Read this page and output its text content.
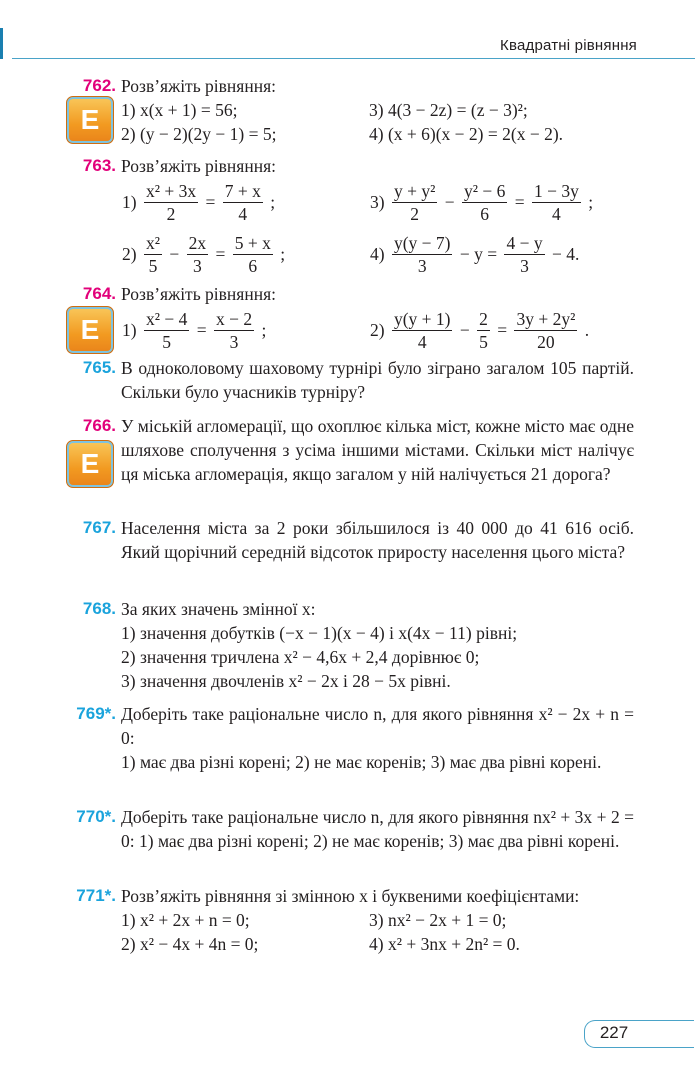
Квадратні рівняння
762.
E
Розв’яжіть рівняння:
1) x(x + 1) = 56;	3) 4(3 − 2z) = (z − 3)²;
2) (y − 2)(2y − 1) = 5;	4) (x + 6)(x − 2) = 2(x − 2).
763. Розв’яжіть рівняння:
$1) \frac{\text{x² + 3x}}{2} = \frac{7 + x}{4}$ ;	$3) \frac{\text{y + y²}}{2} - \frac{\text{y² − 6}}{6} = \frac{1 - 3y}{4}$ ;
$2) \frac{\text{x²}}{5} - \frac{2x}{3} = \frac{5 + x}{6}$ ;	$4) \frac{y(y - 7)}{3} - y = \frac{4 - y}{3} - 4$.
764.
E
Розв’яжіть рівняння:
$1) \frac{\text{x² − 4}}{5} = \frac{x - 2}{3}$ ;	$2) \frac{y(y + 1)}{4} - \frac{2}{5} = \frac{\text{3y + 2y²}}{20}$ .
765. В одноколовому шаховому турнірі було зіграно загалом 105 партій. Скільки було учасників турніру?
766.
E
У міській агломерації, що охоплює кілька міст, кожне місто має одне шляхове сполучення з усіма іншими містами. Скільки міст налічує ця міська агломерація, якщо загалом у ній налічується 21 дорога?
767. Населення міста за 2 роки збільшилося із 40 000 до 41 616 осіб. Який щорічний середній відсоток приросту населення цього міста?
768. За яких значень змінної x:
1) значення добутків (−x − 1)(x − 4) і x(4x − 11) рівні;
2) значення тричлена x² − 4,6x + 2,4 дорівнює 0;
3) значення двочленів x² − 2x і 28 − 5x рівні.
769*. Доберіть таке раціональне число n, для якого рівняння x² − 2x + n = 0:
1) має два різні корені; 2) не має коренів; 3) має два рівні корені.
770*. Доберіть таке раціональне число n, для якого рівняння nx² + 3x + 2 = 0: 1) має два різні корені; 2) не має коренів; 3) має два рівні корені.
771*. Розв’яжіть рівняння зі змінною x і буквеними коефіцієнтами:
1) x² + 2x + n = 0;	3) nx² − 2x + 1 = 0;
2) x² − 4x + 4n = 0;	4) x² + 3nx + 2n² = 0.
227
